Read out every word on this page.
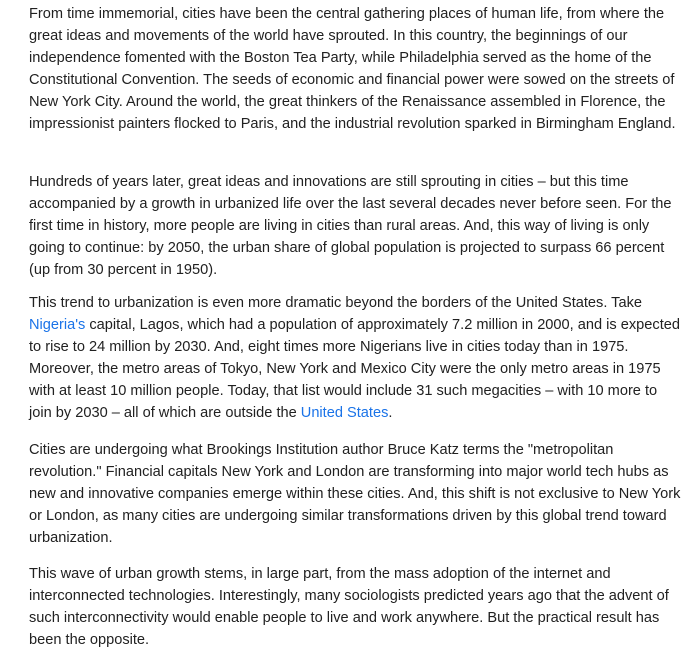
From time immemorial, cities have been the central gathering places of human life, from where the great ideas and movements of the world have sprouted. In this country, the beginnings of our independence fomented with the Boston Tea Party, while Philadelphia served as the home of the Constitutional Convention. The seeds of economic and financial power were sowed on the streets of New York City. Around the world, the great thinkers of the Renaissance assembled in Florence, the impressionist painters flocked to Paris, and the industrial revolution sparked in Birmingham England.

Hundreds of years later, great ideas and innovations are still sprouting in cities – but this time accompanied by a growth in urbanized life over the last several decades never before seen. For the first time in history, more people are living in cities than rural areas. And, this way of living is only going to continue: by 2050, the urban share of global population is projected to surpass 66 percent (up from 30 percent in 1950).

This trend to urbanization is even more dramatic beyond the borders of the United States. Take Nigeria's capital, Lagos, which had a population of approximately 7.2 million in 2000, and is expected to rise to 24 million by 2030. And, eight times more Nigerians live in cities today than in 1975. Moreover, the metro areas of Tokyo, New York and Mexico City were the only metro areas in 1975 with at least 10 million people. Today, that list would include 31 such megacities – with 10 more to join by 2030 – all of which are outside the United States.

Cities are undergoing what Brookings Institution author Bruce Katz terms the "metropolitan revolution." Financial capitals New York and London are transforming into major world tech hubs as new and innovative companies emerge within these cities. And, this shift is not exclusive to New York or London, as many cities are undergoing similar transformations driven by this global trend toward urbanization.

This wave of urban growth stems, in large part, from the mass adoption of the internet and interconnected technologies. Interestingly, many sociologists predicted years ago that the advent of such interconnectivity would enable people to live and work anywhere. But the practical result has been the opposite.
